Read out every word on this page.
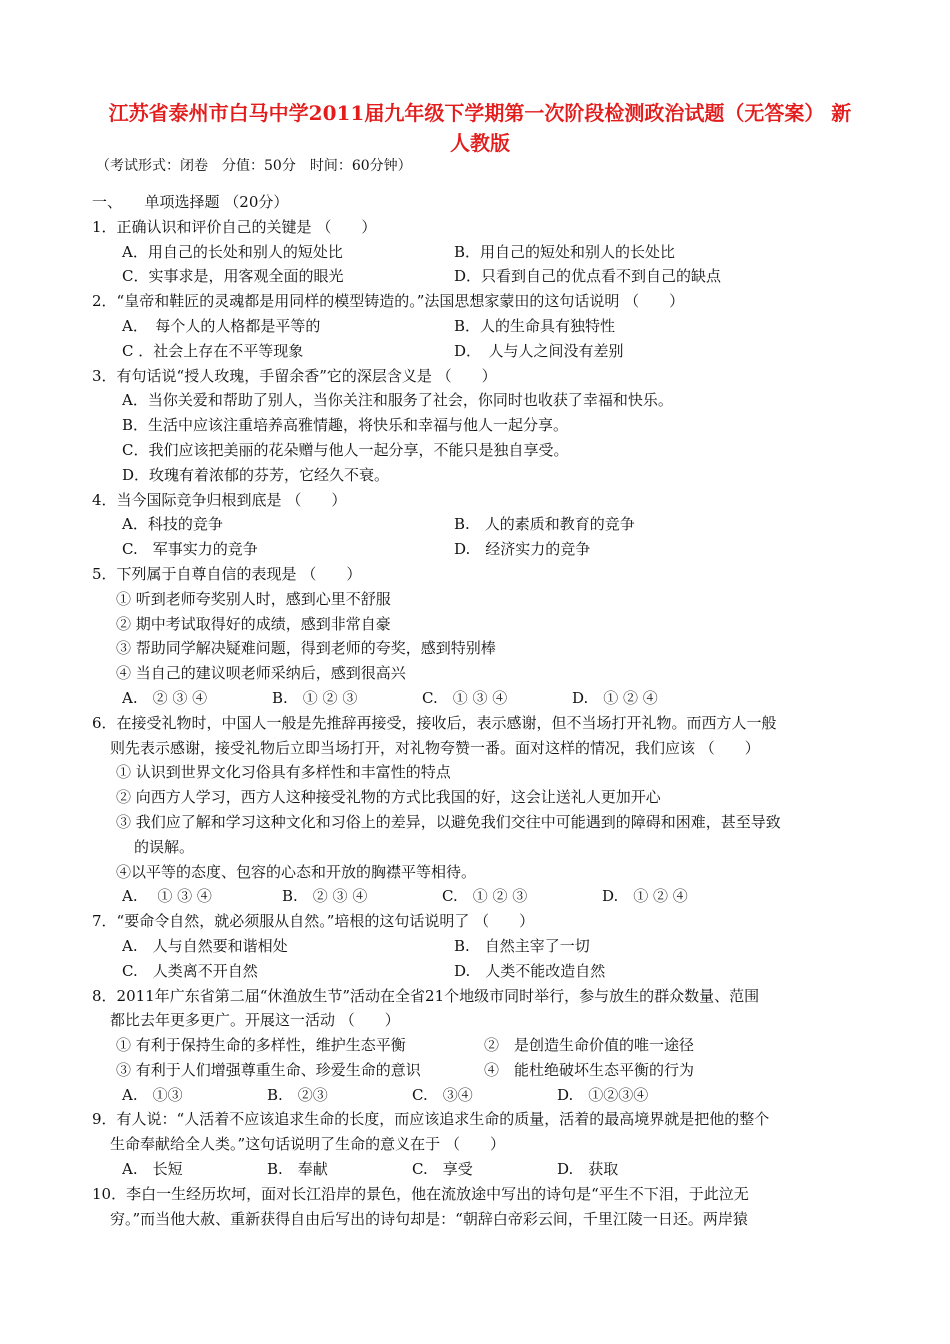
江苏省泰州市白马中学2011届九年级下学期第一次阶段检测政治试题（无答案） 新人教版
（考试形式：闭卷　分值：50分　时间：60分钟）
一、　　单项选择题 （20分）
1．正确认识和评价自己的关键是 （　　）
A．用自己的长处和别人的短处比	B．用自己的短处和别人的长处比
C．实事求是，用客观全面的眼光	D．只看到自己的优点看不到自己的缺点
2．“皇帝和鞋匠的灵魂都是用同样的模型铸造的。”法国思想家蒙田的这句话说明 （　　）
A．　每个人的人格都是平等的	B．人的生命具有独特性
C ．社会上存在不平等现象	D．　人与人之间没有差别
3．有句话说“授人玫瑰，手留余香”它的深层含义是 （　　）
A．当你关爱和帮助了别人，当你关注和服务了社会，你同时也收获了幸福和快乐。
B．生活中应该注重培养高雅情趣，将快乐和幸福与他人一起分享。
C．我们应该把美丽的花朵赠与他人一起分享，不能只是独自享受。
D．玫瑰有着浓郁的芬芳，它经久不衰。
4．当今国际竞争归根到底是 （　　）
A．科技的竞争	B.　人的素质和教育的竞争
C.　军事实力的竞争	D.　经济实力的竞争
5．下列属于自尊自信的表现是 （　　）
① 听到老师夸奖别人时，感到心里不舒服
② 期中考试取得好的成绩，感到非常自豪
③ 帮助同学解决疑难问题，得到老师的夸奖，感到特别棒
④ 当自己的建议呗老师采纳后，感到很高兴
A.　② ③ ④	B.　① ② ③	C.　① ③ ④	D.　① ② ④
6．在接受礼物时，中国人一般是先推辞再接受，接收后，表示感谢，但不当场打开礼物。而西方人一般
则先表示感谢，接受礼物后立即当场打开，对礼物夸赞一番。面对这样的情况，我们应该 （　　）
① 认识到世界文化习俗具有多样性和丰富性的特点
② 向西方人学习，西方人这种接受礼物的方式比我国的好，这会让送礼人更加开心
③ 我们应了解和学习这种文化和习俗上的差异，以避免我们交往中可能遇到的障碍和困难，甚至导致
的误解。
④以平等的态度、包容的心态和开放的胸襟平等相待。
A.　 ① ③ ④	B.　② ③ ④	C.　① ② ③	D.　① ② ④
7．“要命令自然，就必须服从自然。”培根的这句话说明了 （　　）
A.　人与自然要和谐相处	B.　自然主宰了一切
C.　人类离不开自然	D.　人类不能改造自然
8．2011年广东省第二届“休渔放生节”活动在全省21个地级市同时举行，参与放生的群众数量、范围
都比去年更多更广。开展这一活动 （　　）
① 有利于保持生命的多样性，维护生态平衡	②　是创造生命价值的唯一途径
③ 有利于人们增强尊重生命、珍爱生命的意识	④　能杜绝破坏生态平衡的行为
A.　①③	B.　②③	C.　③④	D.　①②③④
9．有人说：“人活着不应该追求生命的长度，而应该追求生命的质量，活着的最高境界就是把他的整个
生命奉献给全人类。”这句话说明了生命的意义在于 （　　）
A.　长短	B.　奉献	C.　享受	D.　获取
10．李白一生经历坎坷，面对长江沿岸的景色，他在流放途中写出的诗句是“平生不下泪，于此泣无
穷。”而当他大赦、重新获得自由后写出的诗句却是：“朝辞白帝彩云间，千里江陵一日还。两岸猿
